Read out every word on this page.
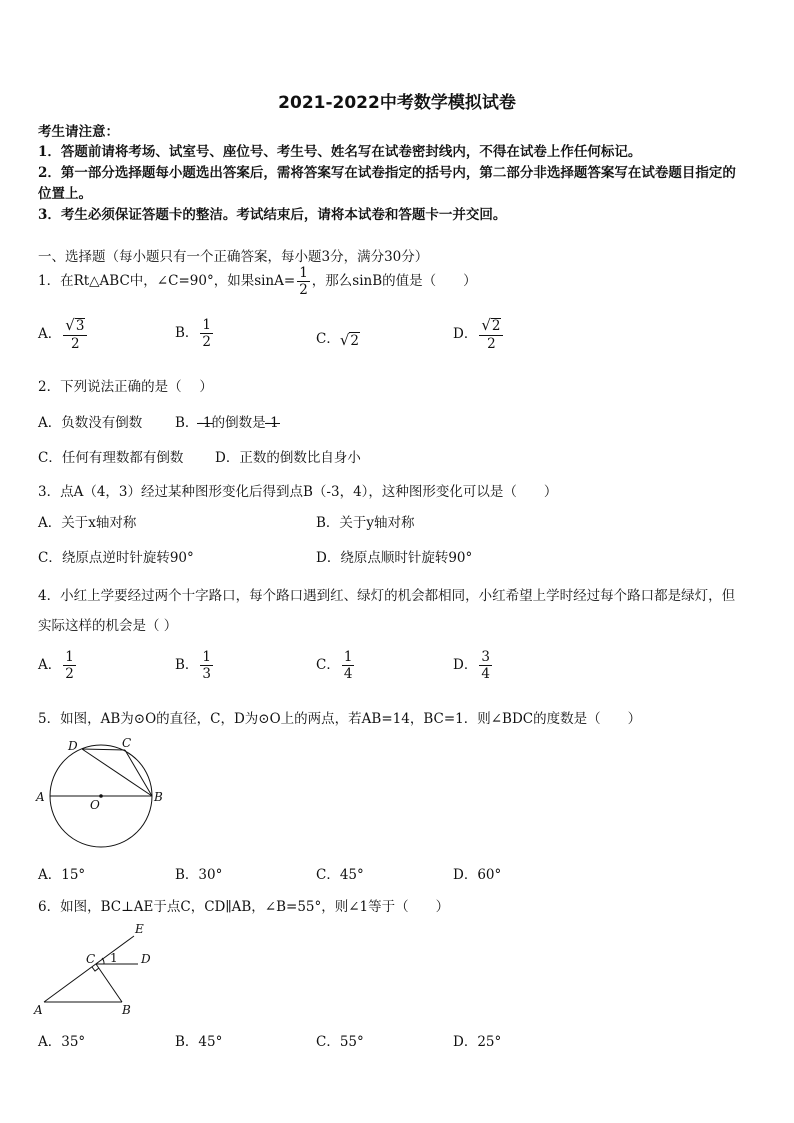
2021-2022中考数学模拟试卷
考生请注意：
1．答题前请将考场、试室号、座位号、考生号、姓名写在试卷密封线内，不得在试卷上作任何标记。
2．第一部分选择题每小题选出答案后，需将答案写在试卷指定的括号内，第二部分非选择题答案写在试卷题目指定的
位置上。
3．考生必须保证答题卡的整洁。考试结束后，请将本试卷和答题卡一并交回。
一、选择题（每小题只有一个正确答案，每小题3分，满分30分）
1．在Rt△ABC中，∠C=90°，如果$\sin A= \frac{1}{2}$ ，那么sinB的值是（　　）
A． $\frac{√3}{2}$	B． $\frac{1}{2}$	C．√2	D． $\frac{√2}{2}$
2．下列说法正确的是（　 ）
A．负数没有倒数 B．-1的倒数是-1
C．任何有理数都有倒数 D．正数的倒数比自身小
3．点A（4，3）经过某种图形变化后得到点B（-3，4），这种图形变化可以是（　　）
A．关于x轴对称	B．关于y轴对称
C．绕原点逆时针旋转90°	D．绕原点顺时针旋转90°
4．小红上学要经过两个十字路口，每个路口遇到红、绿灯的机会都相同，小红希望上学时经过每个路口都是绿灯，但
实际这样的机会是（ ）
A． $\frac{1}{2}$	B． $\frac{1}{3}$	C． $\frac{1}{4}$	D． $\frac{3}{4}$
5．如图，AB为⊙O的直径，C，D为⊙O上的两点，若AB=14，BC=1．则∠BDC的度数是（　　）
A	B
C
D
O
A．15°	B．30°	C．45°	D．60°
6．如图，BC⊥AE于点C，CD∥AB，∠B=55°，则∠1等于（　　）
A	B
C	D
E
1
A．35°	B．45°	C．55°	D．25°
